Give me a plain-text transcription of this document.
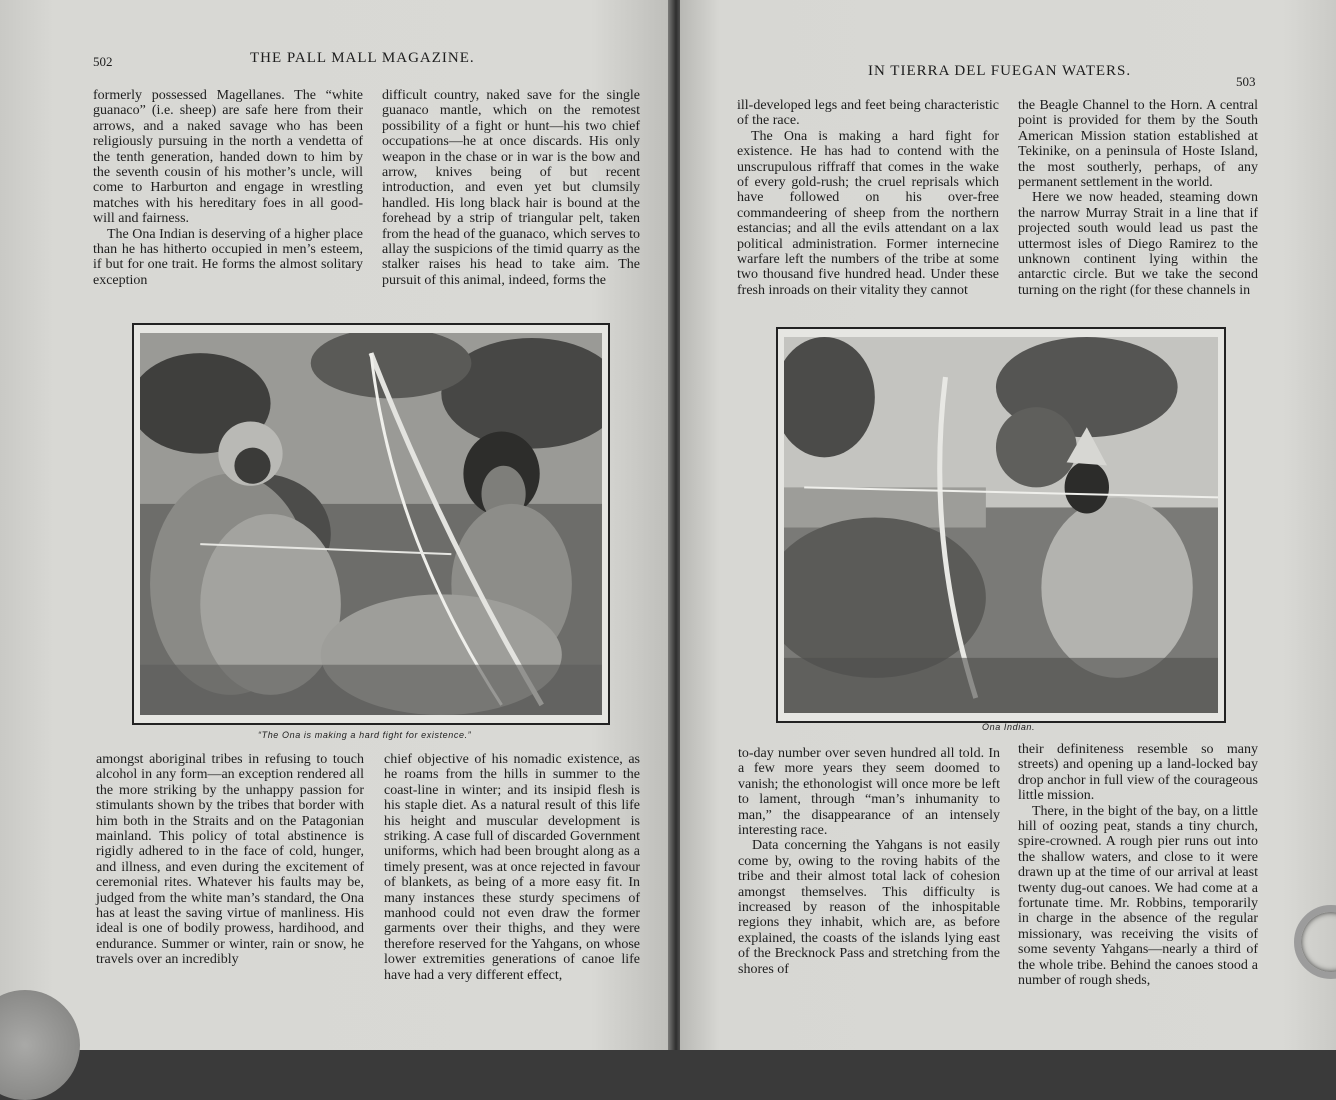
502	THE PALL MALL MAGAZINE.

formerly possessed Magellanes. The “white guanaco” (i.e. sheep) are safe here from their arrows, and a naked savage who has been religiously pursuing in the north a vendetta of the tenth generation, handed down to him by the seventh cousin of his mother’s uncle, will come to Harburton and engage in wrestling matches with his hereditary foes in all good-will and fairness.

The Ona Indian is deserving of a higher place than he has hitherto occupied in men’s esteem, if but for one trait. He forms the almost solitary exception

difficult country, naked save for the single guanaco mantle, which on the remotest possibility of a fight or hunt—his two chief occupations—he at once discards. His only weapon in the chase or in war is the bow and arrow, knives being of but recent introduction, and even yet but clumsily handled. His long black hair is bound at the forehead by a strip of triangular pelt, taken from the head of the guanaco, which serves to allay the suspicions of the timid quarry as the stalker raises his head to take aim. The pursuit of this animal, indeed, forms the

“The Ona is making a hard fight for existence.”

amongst aboriginal tribes in refusing to touch alcohol in any form—an exception rendered all the more striking by the unhappy passion for stimulants shown by the tribes that border with him both in the Straits and on the Patagonian mainland. This policy of total abstinence is rigidly adhered to in the face of cold, hunger, and illness, and even during the excitement of ceremonial rites. Whatever his faults may be, judged from the white man’s standard, the Ona has at least the saving virtue of manliness. His ideal is one of bodily prowess, hardihood, and endurance. Summer or winter, rain or snow, he travels over an incredibly

chief objective of his nomadic existence, as he roams from the hills in summer to the coast-line in winter; and its insipid flesh is his staple diet. As a natural result of this life his height and muscular development is striking. A case full of discarded Government uniforms, which had been brought along as a timely present, was at once rejected in favour of blankets, as being of a more easy fit. In many instances these sturdy specimens of manhood could not even draw the former garments over their thighs, and they were therefore reserved for the Yahgans, on whose lower extremities generations of canoe life have had a very different effect,

IN TIERRA DEL FUEGAN WATERS.
503

ill-developed legs and feet being characteristic of the race.

The Ona is making a hard fight for existence. He has had to contend with the unscrupulous riffraff that comes in the wake of every gold-rush; the cruel reprisals which have followed on his over-free commandeering of sheep from the northern estancias; and all the evils attendant on a lax political administration. Former internecine warfare left the numbers of the tribe at some two thousand five hundred head. Under these fresh inroads on their vitality they cannot

the Beagle Channel to the Horn. A central point is provided for them by the South American Mission station established at Tekinike, on a peninsula of Hoste Island, the most southerly, perhaps, of any permanent settlement in the world.

Here we now headed, steaming down the narrow Murray Strait in a line that if projected south would lead us past the uttermost isles of Diego Ramirez to the unknown continent lying within the antarctic circle. But we take the second turning on the right (for these channels in

Ona Indian.

to-day number over seven hundred all told. In a few more years they seem doomed to vanish; the ethonologist will once more be left to lament, through “man’s inhumanity to man,” the disappearance of an intensely interesting race.

Data concerning the Yahgans is not easily come by, owing to the roving habits of the tribe and their almost total lack of cohesion amongst themselves. This difficulty is increased by reason of the inhospitable regions they inhabit, which are, as before explained, the coasts of the islands lying east of the Brecknock Pass and stretching from the shores of

their definiteness resemble so many streets) and opening up a land-locked bay drop anchor in full view of the courageous little mission.

There, in the bight of the bay, on a little hill of oozing peat, stands a tiny church, spire-crowned. A rough pier runs out into the shallow waters, and close to it were drawn up at the time of our arrival at least twenty dug-out canoes. We had come at a fortunate time. Mr. Robbins, temporarily in charge in the absence of the regular missionary, was receiving the visits of some seventy Yahgans—nearly a third of the whole tribe. Behind the canoes stood a number of rough sheds,
